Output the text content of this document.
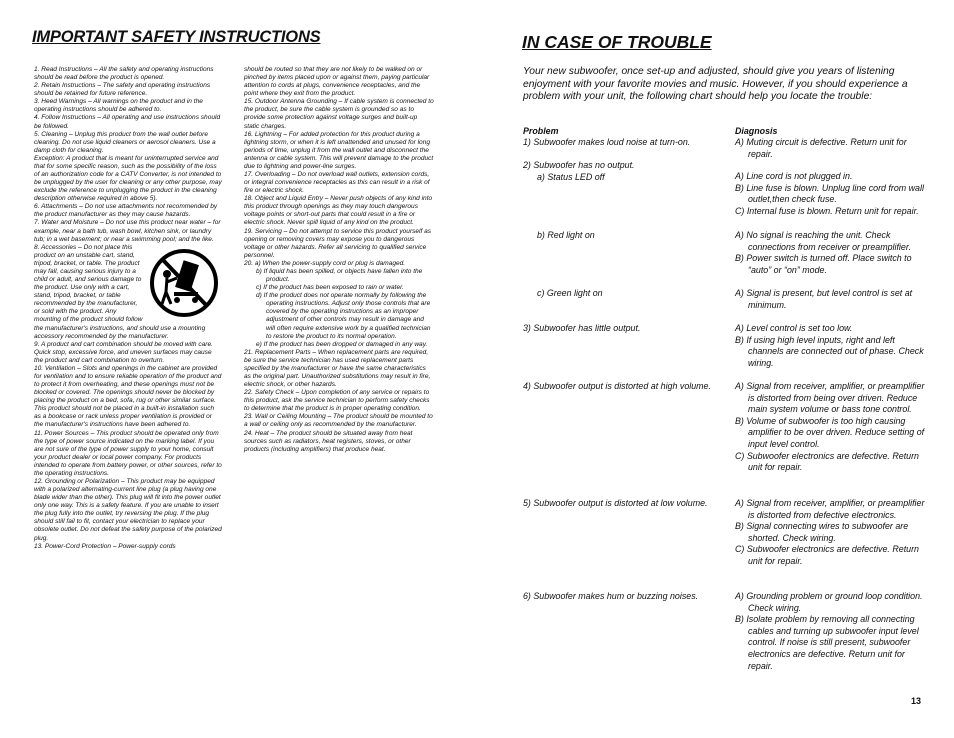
IMPORTANT SAFETY INSTRUCTIONS	IN CASE OF TROUBLE

1. Read Instructions – All the safety and operating instructions should be read before the product is opened.

2. Retain Instructions – The safety and operating instructions should be retained for future reference.

3. Heed Warnings – All warnings on the product and in the operating instructions should be adhered to.

4. Follow Instructions – All operating and use instructions should be followed.

5. Cleaning – Unplug this product from the wall outlet before cleaning. Do not use liquid cleaners or aerosol cleaners. Use a damp cloth for cleaning.

Exception: A product that is meant for uninterrupted service and that for some specific reason, such as the possibility of the loss of an authorization code for a CATV Converter, is not intended to be unplugged by the user for cleaning or any other purpose, may exclude the reference to unplugging the product in the cleaning description otherwise required in above 5).

6. Attachments – Do not use attachments not recommended by the product manufacturer as they may cause hazards.

7. Water and Moisture – Do not use this product near water – for example, near a bath tub, wash bowl, kitchen sink, or laundry tub; in a wet basement; or near a swimming pool; and the like.

8. Accessories – Do not place this product on an unstable cart, stand, tripod, bracket, or table. The product may fall, causing serious injury to a child or adult, and serious damage to the product. Use only with a cart, stand, tripod, bracket, or table recommended by the manufacturer, or sold with the product. Any mounting of the product should follow the manufacturer's instructions, and should use a mounting accessory recommended by the manufacturer.

9. A product and cart combination should be moved with care. Quick stop, excessive force, and uneven surfaces may cause the product and cart combination to overturn.

10. Ventilation – Slots and openings in the cabinet are provided for ventilation and to ensure reliable operation of the product and to protect it from overheating, and these openings must not be blocked or covered. The openings should never be blocked by placing the product on a bed, sofa, rug or other similar surface. This product should not be placed in a built-in installation such as a bookcase or rack unless proper ventilation is provided or the manufacturer's instructions have been adhered to.

11. Power Sources – This product should be operated only from the type of power source indicated on the marking label. If you are not sure of the type of power supply to your home, consult your product dealer or local power company. For products intended to operate from battery power, or other sources, refer to the operating instructions.

12. Grounding or Polarization – This product may be equipped with a polarized alternating-current line plug (a plug having one blade wider than the other). This plug will fit into the power outlet only one way. This is a safety feature. If you are unable to insert the plug fully into the outlet, try reversing the plug. If the plug should still fail to fit, contact your electrician to replace your obsolete outlet. Do not defeat the safety purpose of the polarized plug.

13. Power-Cord Protection – Power-supply cords

should be routed so that they are not likely to be walked on or pinched by items placed upon or against them, paying particular attention to cords at plugs, convenience receptacles, and the point where they exit from the product.

15. Outdoor Antenna Grounding – If cable system is connected to the product, be sure the cable system is grounded so as to provide some protection against voltage surges and built-up static charges.

16. Lightning – For added protection for this product during a lightning storm, or when it is left unattended and unused for long periods of time, unplug it from the wall outlet and disconnect the antenna or cable system. This will prevent damage to the product due to lightning and power-line surges.

17. Overloading – Do not overload wall outlets, extension cords, or integral convenience receptacles as this can result in a risk of fire or electric shock.

18. Object and Liquid Entry – Never push objects of any kind into this product through openings as they may touch dangerous voltage points or short-out parts that could result in a fire or electric shock. Never spill liquid of any kind on the product.

19. Servicing – Do not attempt to service this product yourself as opening or removing covers may expose you to dangerous voltage or other hazards. Refer all servicing to qualified service personnel.

20. a) When the power-supply cord or plug is damaged.

b) If liquid has been spilled, or objects have fallen into the product.

c) If the product has been exposed to rain or water.

d) If the product does not operate normally by following the operating instructions. Adjust only those controls that are covered by the operating instructions as an improper adjustment of other controls may result in damage and will often require extensive work by a qualified technician to restore the product to its normal operation.

e) If the product has been dropped or damaged in any way.

21. Replacement Parts – When replacement parts are required, be sure the service technician has used replacement parts specified by the manufacturer or have the same characteristics as the original part. Unauthorized substitutions may result in fire, electric shock, or other hazards.

22. Safety Check – Upon completion of any service or repairs to this product, ask the service technician to perform safety checks to determine that the product is in proper operating condition.

23. Wall or Ceiling Mounting – The product should be mounted to a wall or ceiling only as recommended by the manufacturer.

24. Heat – The product should be situated away from heat sources such as radiators, heat registers, stoves, or other products (including amplifiers) that produce heat.

Your new subwoofer, once set-up and adjusted, should give you years of listening enjoyment with your favorite movies and music. However, if you should experience a problem with your unit, the following chart should help you locate the trouble:
Problem	Diagnosis
1) Subwoofer makes loud noise at turn-on.	A) Muting circuit is defective. Return unit for repair.
2) Subwoofer has no output.
a) Status LED off	A) Line cord is not plugged in.
B) Line fuse is blown. Unplug line cord from wall outlet,then check fuse.
C) Internal fuse is blown. Return unit for repair.
b) Red light on	A) No signal is reaching the unit. Check connections from receiver or preamplifier.
B) Power switch is turned off. Place switch to “auto” or “on” mode.
c) Green light on	A) Signal is present, but level control is set at minimum.
3) Subwoofer has little output.	A) Level control is set too low.
B) If using high level inputs, right and left channels are connected out of phase. Check wiring.
4) Subwoofer output is distorted at high volume.	A) Signal from receiver, amplifier, or preamplifier is distorted from being over driven. Reduce main system volume or bass tone control.
B) Volume of subwoofer is too high causing amplifier to be over driven. Reduce setting of input level control.
C) Subwoofer electronics are defective. Return unit for repair.
5) Subwoofer output is distorted at low volume.	A) Signal from receiver, amplifier, or preamplifier is distorted from defective electronics.
B) Signal connecting wires to subwoofer are shorted. Check wiring.
C) Subwoofer electronics are defective. Return unit for repair.
6) Subwoofer makes hum or buzzing noises.	A) Grounding problem or ground loop condition. Check wiring.
B) Isolate problem by removing all connecting cables and turning up subwoofer input level control. If noise is still present, subwoofer electronics are defective. Return unit for repair.
13
